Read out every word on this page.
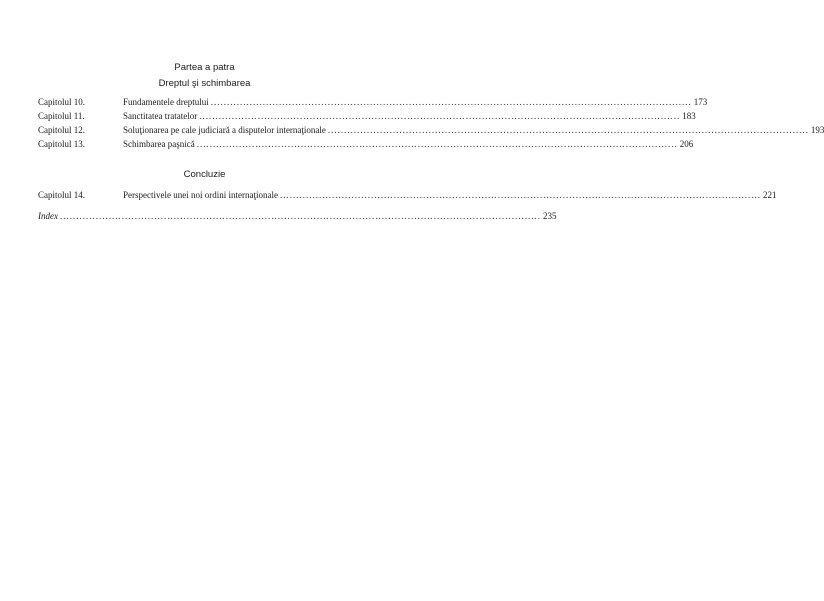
Partea a patra
Dreptul şi schimbarea
Capitolul 10.	Fundamentele dreptului .................................................................................................................................................... 173
Capitolul 11.	Sanctitatea tratatelor .................................................................................................................................................... 183
Capitolul 12.	Soluţionarea pe cale judiciară a disputelor internaţionale .................................................................................................................................................... 193
Capitolul 13.	Schimbarea paşnică .................................................................................................................................................... 206
Concluzie
Capitolul 14.	Perspectivele unei noi ordini internaţionale .................................................................................................................................................... 221
Index .................................................................................................................................................... 235
